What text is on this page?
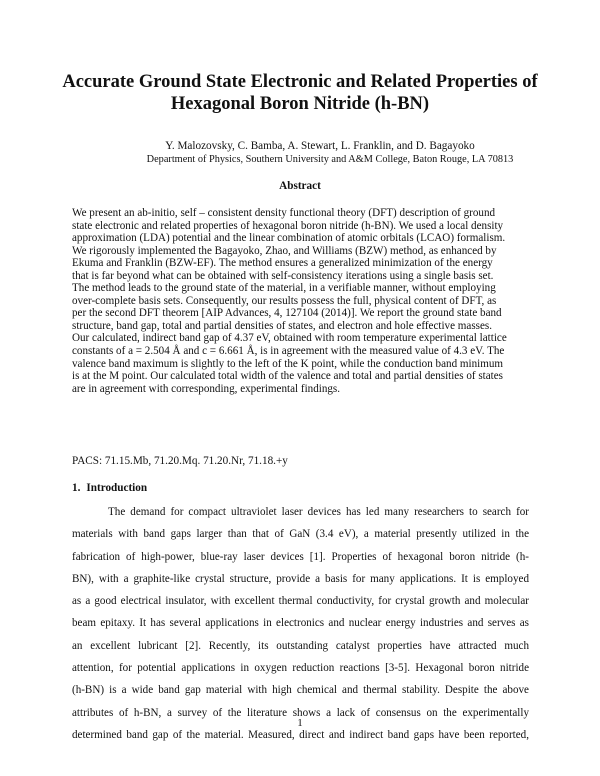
Accurate Ground State Electronic and Related Properties of
Hexagonal Boron Nitride (h-BN)
Y. Malozovsky, C. Bamba, A. Stewart, L. Franklin, and D. Bagayoko
Department of Physics, Southern University and A&M College, Baton Rouge, LA 70813
Abstract
We present an ab-initio, self – consistent density functional theory (DFT) description of ground
state electronic and related properties of hexagonal boron nitride (h-BN). We used a local density
approximation (LDA) potential and the linear combination of atomic orbitals (LCAO) formalism.
We rigorously implemented the Bagayoko, Zhao, and Williams (BZW) method, as enhanced by
Ekuma and Franklin (BZW-EF). The method ensures a generalized minimization of the energy
that is far beyond what can be obtained with self-consistency iterations using a single basis set.
The method leads to the ground state of the material, in a verifiable manner, without employing
over-complete basis sets. Consequently, our results possess the full, physical content of DFT, as
per the second DFT theorem [AIP Advances, 4, 127104 (2014)]. We report the ground state band
structure, band gap, total and partial densities of states, and electron and hole effective masses.
Our calculated, indirect band gap of 4.37 eV, obtained with room temperature experimental lattice
constants of a = 2.504 Å and c = 6.661 Å, is in agreement with the measured value of 4.3 eV. The
valence band maximum is slightly to the left of the K point, while the conduction band minimum
is at the M point. Our calculated total width of the valence and total and partial densities of states
are in agreement with corresponding, experimental findings.
PACS: 71.15.Mb, 71.20.Mq. 71.20.Nr, 71.18.+y
1. Introduction
The demand for compact ultraviolet laser devices has led many researchers to search for
materials with band gaps larger than that of GaN (3.4 eV), a material presently utilized in the
fabrication of high-power, blue-ray laser devices [1]. Properties of hexagonal boron nitride (h-
BN), with a graphite-like crystal structure, provide a basis for many applications. It is employed
as a good electrical insulator, with excellent thermal conductivity, for crystal growth and molecular
beam epitaxy. It has several applications in electronics and nuclear energy industries and serves as
an excellent lubricant [2]. Recently, its outstanding catalyst properties have attracted much
attention, for potential applications in oxygen reduction reactions [3-5]. Hexagonal boron nitride
(h-BN) is a wide band gap material with high chemical and thermal stability. Despite the above
attributes of h-BN, a survey of the literature shows a lack of consensus on the experimentally
determined band gap of the material. Measured, direct and indirect band gaps have been reported,
1
